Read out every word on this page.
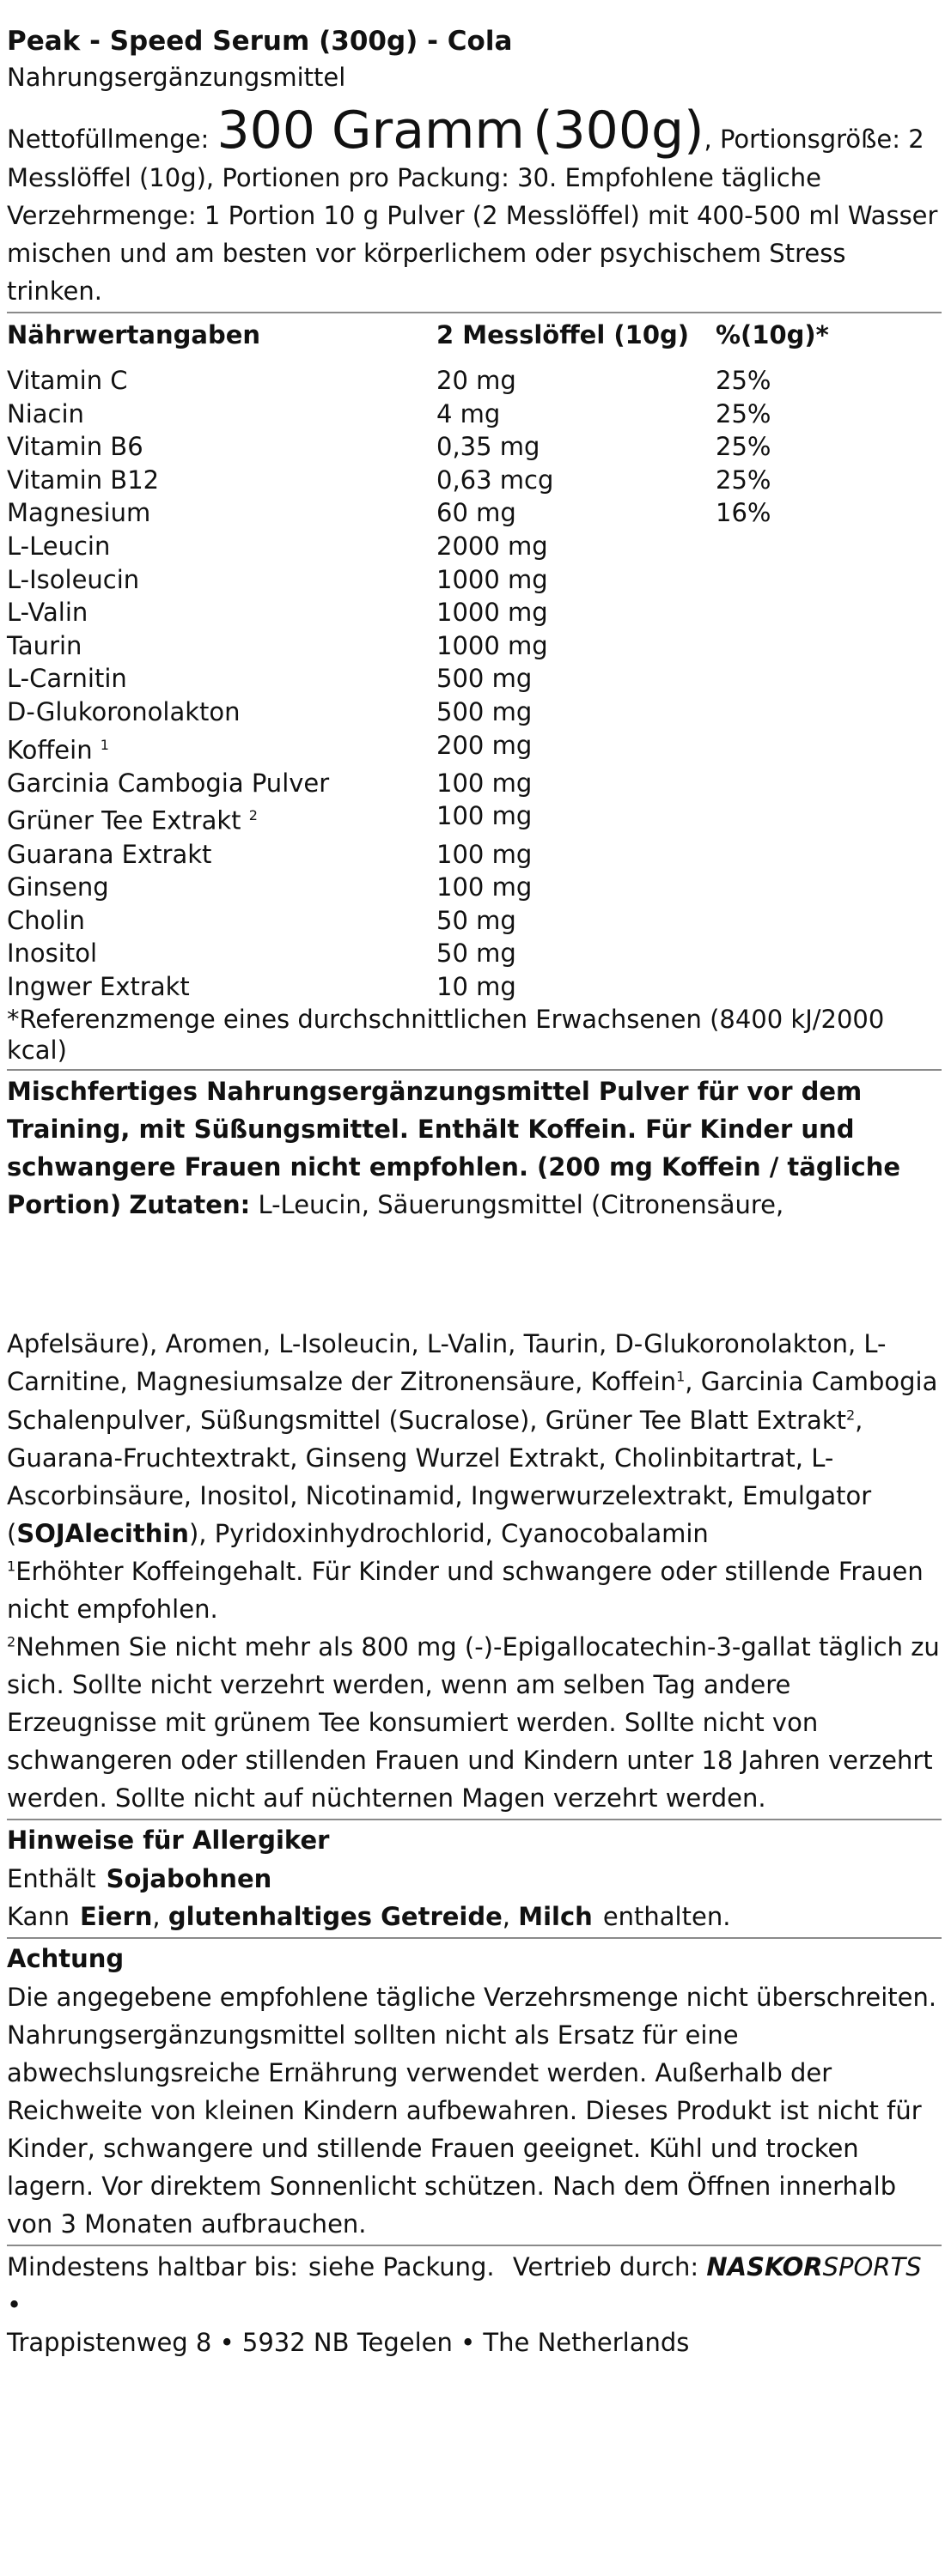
Peak - Speed Serum (300g) - Cola
Nahrungsergänzungsmittel
Nettofüllmenge: 300 Gramm (300g), Portionsgröße: 2 Messlöffel (10g), Portionen pro Packung: 30. Empfohlene tägliche Verzehrmenge: 1 Portion 10 g Pulver (2 Messlöffel) mit 400-500 ml Wasser mischen und am besten vor körperlichem oder psychischem Stress trinken.
Nährwertangaben	2 Messlöffel (10g)	%(10g)*
Vitamin C	20 mg	25%
Niacin	4 mg	25%
Vitamin B6	0,35 mg	25%
Vitamin B12	0,63 mcg	25%
Magnesium	60 mg	16%
L-Leucin	2000 mg
L-Isoleucin	1000 mg
L-Valin	1000 mg
Taurin	1000 mg
L-Carnitin	500 mg
D-Glukoronolakton	500 mg
Koffein $^1$	200 mg
Garcinia Cambogia Pulver	100 mg
Grüner Tee Extrakt $^2$	100 mg
Guarana Extrakt	100 mg
Ginseng	100 mg
Cholin	50 mg
Inositol	50 mg
Ingwer Extrakt	10 mg
*Referenzmenge eines durchschnittlichen Erwachsenen (8400 kJ/2000 kcal)
Mischfertiges Nahrungsergänzungsmittel Pulver für vor dem Training, mit Süßungsmittel. Enthält Koffein. Für Kinder und schwangere Frauen nicht empfohlen. (200 mg Koffein / tägliche Portion) Zutaten: L-Leucin, Säuerungsmittel (Citronensäure,
Apfelsäure), Aromen, L-Isoleucin, L-Valin, Taurin, D-Glukoronolakton, L-Carnitine, Magnesiumsalze der Zitronensäure, Koffein$^1$, Garcinia Cambogia Schalenpulver, Süßungsmittel (Sucralose), Grüner Tee Blatt Extrakt$^2$, Guarana-Fruchtextrakt, Ginseng Wurzel Extrakt, Cholinbitartrat, L-Ascorbinsäure, Inositol, Nicotinamid, Ingwerwurzelextrakt, Emulgator (SOJAlecithin), Pyridoxinhydrochlorid, Cyanocobalamin
$^1$Erhöhter Koffeingehalt. Für Kinder und schwangere oder stillende Frauen nicht empfohlen.
$^2$Nehmen Sie nicht mehr als 800 mg (-)-Epigallocatechin-3-gallat täglich zu sich. Sollte nicht verzehrt werden, wenn am selben Tag andere Erzeugnisse mit grünem Tee konsumiert werden. Sollte nicht von schwangeren oder stillenden Frauen und Kindern unter 18 Jahren verzehrt werden. Sollte nicht auf nüchternen Magen verzehrt werden.
Hinweise für Allergiker
Enthält Sojabohnen
Kann Eiern, glutenhaltiges Getreide, Milch enthalten.
Achtung
Die angegebene empfohlene tägliche Verzehrsmenge nicht überschreiten. Nahrungsergänzungsmittel sollten nicht als Ersatz für eine abwechslungsreiche Ernährung verwendet werden. Außerhalb der Reichweite von kleinen Kindern aufbewahren. Dieses Produkt ist nicht für Kinder, schwangere und stillende Frauen geeignet. Kühl und trocken lagern. Vor direktem Sonnenlicht schützen. Nach dem Öffnen innerhalb von 3 Monaten aufbrauchen.
Mindestens haltbar bis: siehe Packung. Vertrieb durch: NASKORSPORTS •
Trappistenweg 8 • 5932 NB Tegelen • The Netherlands
